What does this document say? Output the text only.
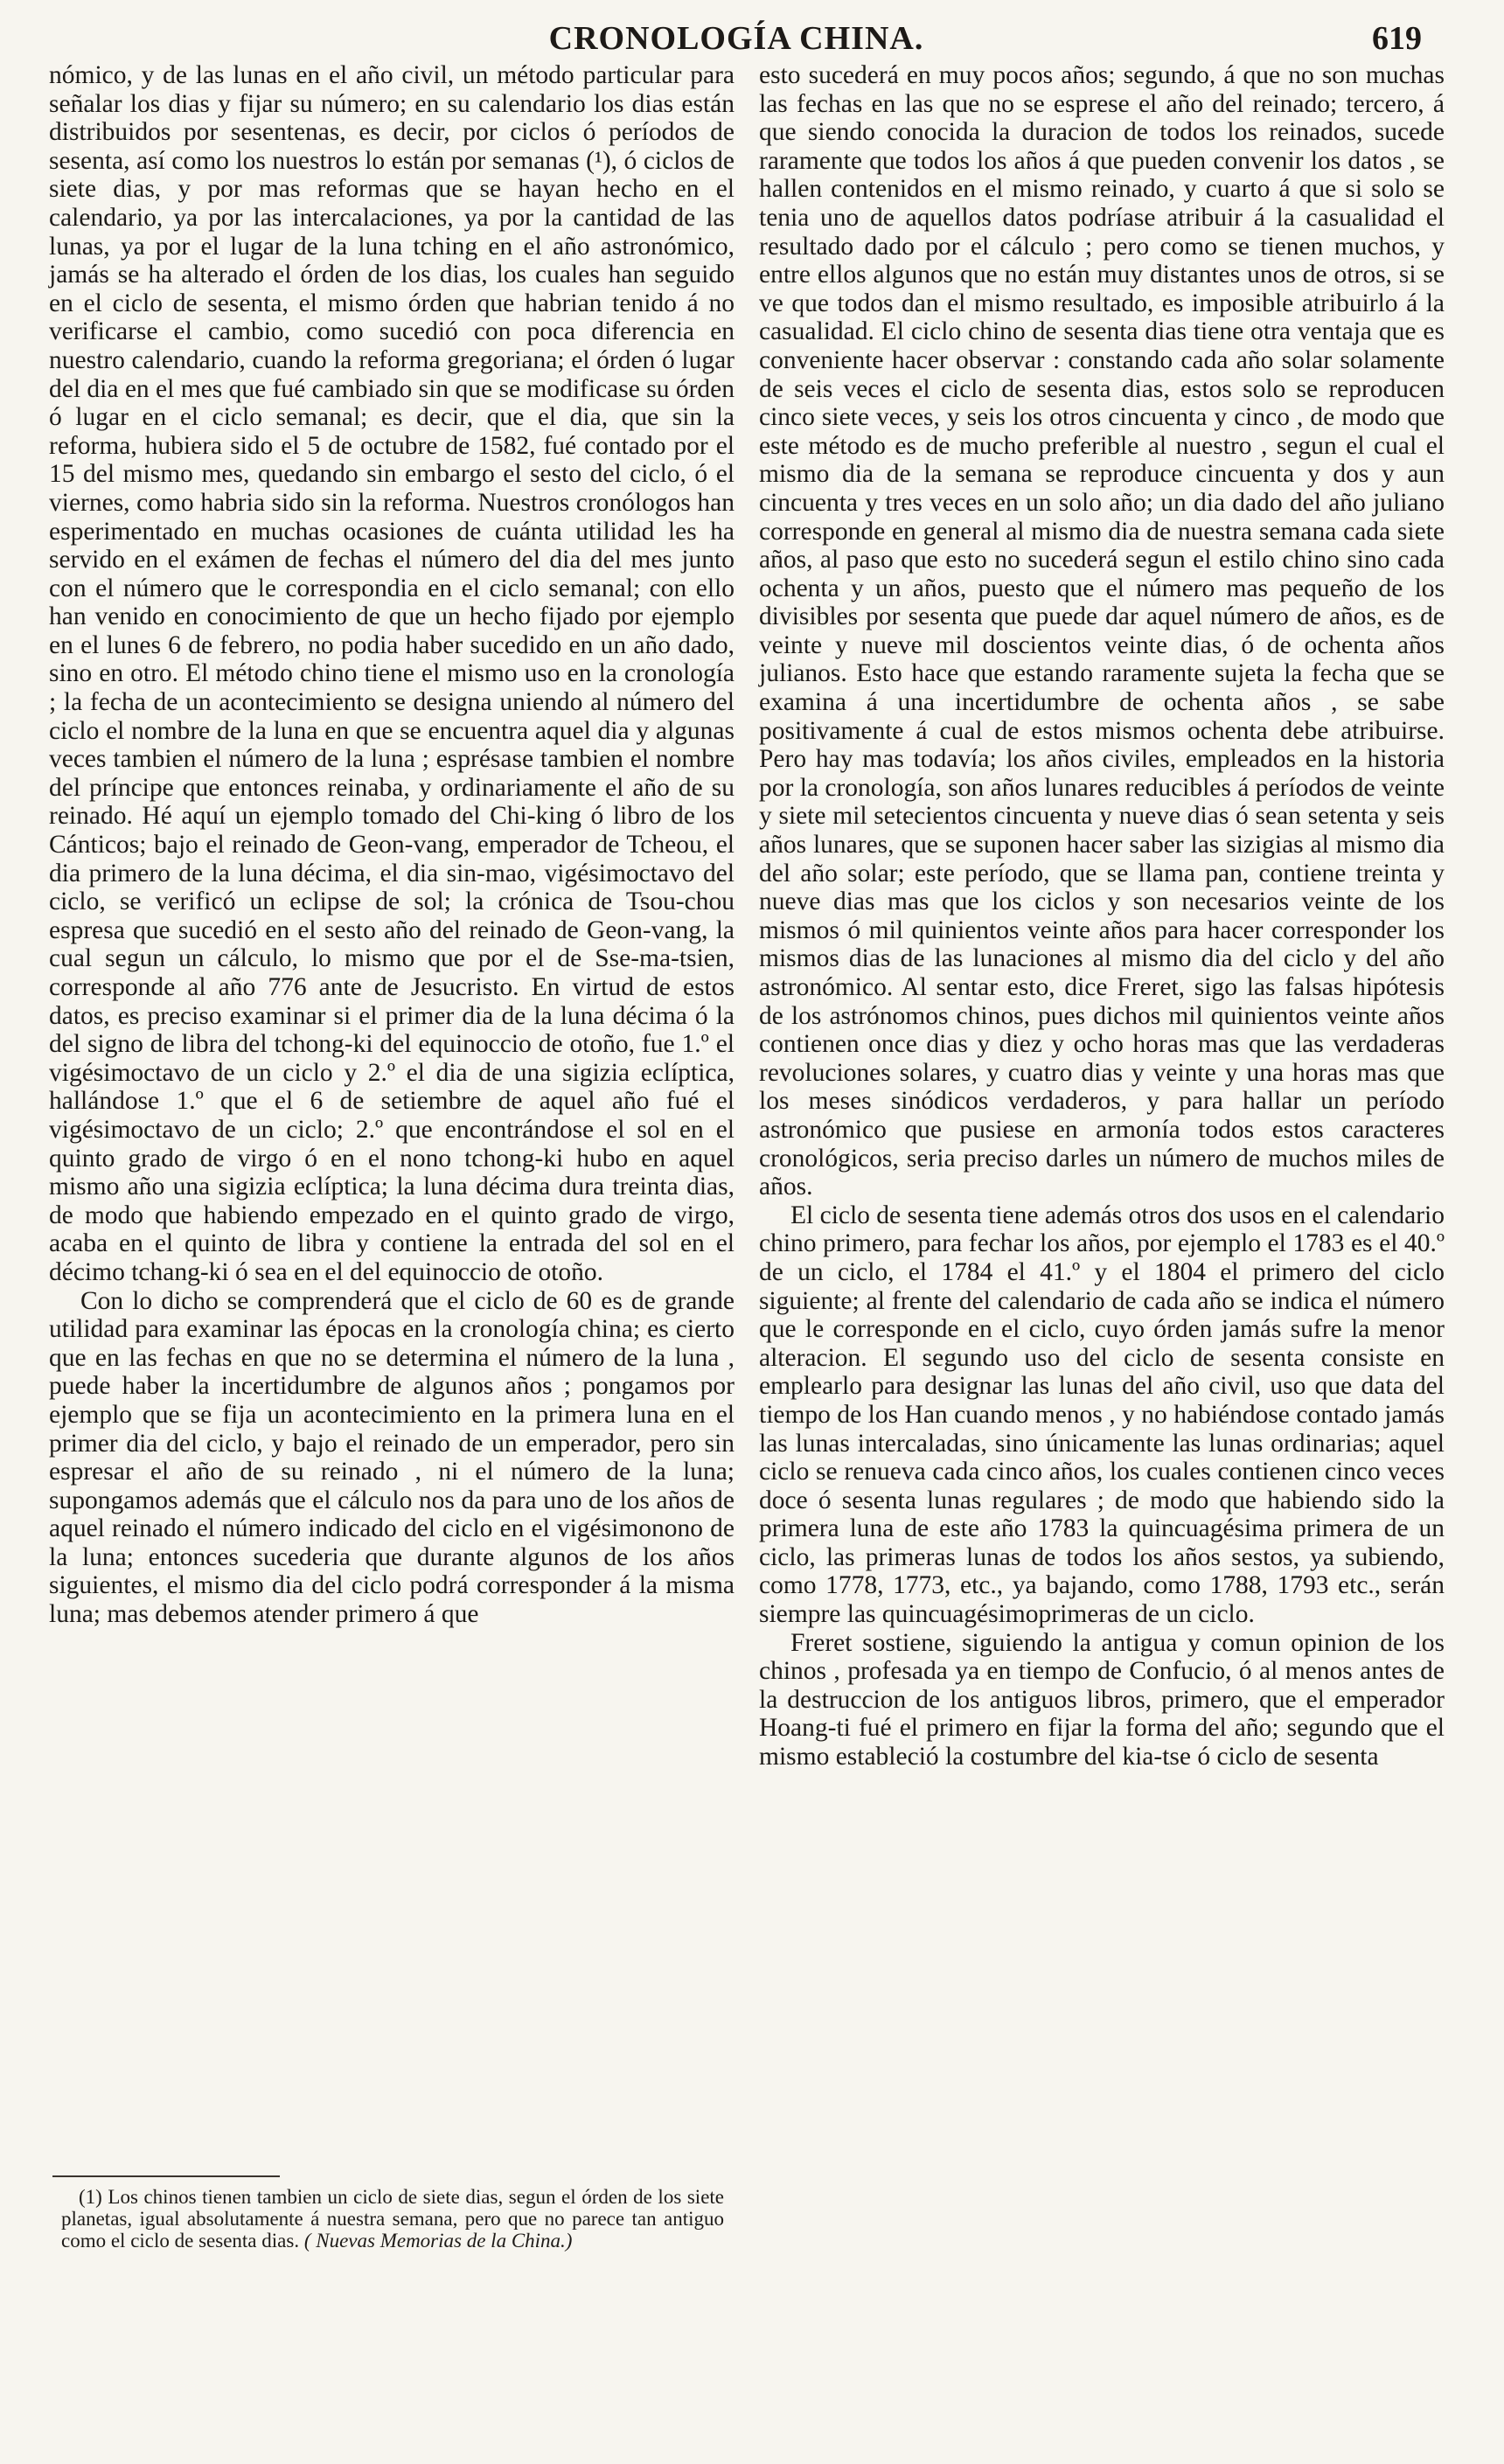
CRONOLOGÍA CHINA.	619

nómico, y de las lunas en el año civil, un método particular para señalar los dias y fijar su número; en su calendario los dias están distribuidos por sesentenas, es decir, por ciclos ó períodos de sesenta, así como los nuestros lo están por semanas (¹), ó ciclos de siete dias, y por mas reformas que se hayan hecho en el calendario, ya por las intercalaciones, ya por la cantidad de las lunas, ya por el lugar de la luna tching en el año astronómico, jamás se ha alterado el órden de los dias, los cuales han seguido en el ciclo de sesenta, el mismo órden que habrian tenido á no verificarse el cambio, como sucedió con poca diferencia en nuestro calendario, cuando la reforma gregoriana; el órden ó lugar del dia en el mes que fué cambiado sin que se modificase su órden ó lugar en el ciclo semanal; es decir, que el dia, que sin la reforma, hubiera sido el 5 de octubre de 1582, fué contado por el 15 del mismo mes, quedando sin embargo el sesto del ciclo, ó el viernes, como habria sido sin la reforma. Nuestros cronólogos han esperimentado en muchas ocasiones de cuánta utilidad les ha servido en el exámen de fechas el número del dia del mes junto con el número que le correspondia en el ciclo semanal; con ello han venido en conocimiento de que un hecho fijado por ejemplo en el lunes 6 de febrero, no podia haber sucedido en un año dado, sino en otro. El método chino tiene el mismo uso en la cronología ; la fecha de un acontecimiento se designa uniendo al número del ciclo el nombre de la luna en que se encuentra aquel dia y algunas veces tambien el número de la luna ; esprésase tambien el nombre del príncipe que entonces reinaba, y ordinariamente el año de su reinado. Hé aquí un ejemplo tomado del Chi-king ó libro de los Cánticos; bajo el reinado de Geon-vang, emperador de Tcheou, el dia primero de la luna décima, el dia sin-mao, vigésimoctavo del ciclo, se verificó un eclipse de sol; la crónica de Tsou-chou espresa que sucedió en el sesto año del reinado de Geon-vang, la cual segun un cálculo, lo mismo que por el de Sse-ma-tsien, corresponde al año 776 ante de Jesucristo. En virtud de estos datos, es preciso examinar si el primer dia de la luna décima ó la del signo de libra del tchong-ki del equinoccio de otoño, fue 1.º el vigésimoctavo de un ciclo y 2.º el dia de una sigizia eclíptica, hallándose 1.º que el 6 de setiembre de aquel año fué el vigésimoctavo de un ciclo; 2.º que encontrándose el sol en el quinto grado de virgo ó en el nono tchong-ki hubo en aquel mismo año una sigizia eclíptica; la luna décima dura treinta dias, de modo que habiendo empezado en el quinto grado de virgo, acaba en el quinto de libra y contiene la entrada del sol en el décimo tchang-ki ó sea en el del equinoccio de otoño.

Con lo dicho se comprenderá que el ciclo de 60 es de grande utilidad para examinar las épocas en la cronología china; es cierto que en las fechas en que no se determina el número de la luna , puede haber la incertidumbre de algunos años ; pongamos por ejemplo que se fija un acontecimiento en la primera luna en el primer dia del ciclo, y bajo el reinado de un emperador, pero sin espresar el año de su reinado , ni el número de la luna; supongamos además que el cálculo nos da para uno de los años de aquel reinado el número indicado del ciclo en el vigésimonono de la luna; entonces sucederia que durante algunos de los años siguientes, el mismo dia del ciclo podrá corresponder á la misma luna; mas debemos atender primero á que

esto sucederá en muy pocos años; segundo, á que no son muchas las fechas en las que no se esprese el año del reinado; tercero, á que siendo conocida la duracion de todos los reinados, sucede raramente que todos los años á que pueden convenir los datos , se hallen contenidos en el mismo reinado, y cuarto á que si solo se tenia uno de aquellos datos podríase atribuir á la casualidad el resultado dado por el cálculo ; pero como se tienen muchos, y entre ellos algunos que no están muy distantes unos de otros, si se ve que todos dan el mismo resultado, es imposible atribuirlo á la casualidad. El ciclo chino de sesenta dias tiene otra ventaja que es conveniente hacer observar : constando cada año solar solamente de seis veces el ciclo de sesenta dias, estos solo se reproducen cinco siete veces, y seis los otros cincuenta y cinco , de modo que este método es de mucho preferible al nuestro , segun el cual el mismo dia de la semana se reproduce cincuenta y dos y aun cincuenta y tres veces en un solo año; un dia dado del año juliano corresponde en general al mismo dia de nuestra semana cada siete años, al paso que esto no sucederá segun el estilo chino sino cada ochenta y un años, puesto que el número mas pequeño de los divisibles por sesenta que puede dar aquel número de años, es de veinte y nueve mil doscientos veinte dias, ó de ochenta años julianos. Esto hace que estando raramente sujeta la fecha que se examina á una incertidumbre de ochenta años , se sabe positivamente á cual de estos mismos ochenta debe atribuirse. Pero hay mas todavía; los años civiles, empleados en la historia por la cronología, son años lunares reducibles á períodos de veinte y siete mil setecientos cincuenta y nueve dias ó sean setenta y seis años lunares, que se suponen hacer saber las sizigias al mismo dia del año solar; este período, que se llama pan, contiene treinta y nueve dias mas que los ciclos y son necesarios veinte de los mismos ó mil quinientos veinte años para hacer corresponder los mismos dias de las lunaciones al mismo dia del ciclo y del año astronómico. Al sentar esto, dice Freret, sigo las falsas hipótesis de los astrónomos chinos, pues dichos mil quinientos veinte años contienen once dias y diez y ocho horas mas que las verdaderas revoluciones solares, y cuatro dias y veinte y una horas mas que los meses sinódicos verdaderos, y para hallar un período astronómico que pusiese en armonía todos estos caracteres cronológicos, seria preciso darles un número de muchos miles de años.

El ciclo de sesenta tiene además otros dos usos en el calendario chino primero, para fechar los años, por ejemplo el 1783 es el 40.º de un ciclo, el 1784 el 41.º y el 1804 el primero del ciclo siguiente; al frente del calendario de cada año se indica el número que le corresponde en el ciclo, cuyo órden jamás sufre la menor alteracion. El segundo uso del ciclo de sesenta consiste en emplearlo para designar las lunas del año civil, uso que data del tiempo de los Han cuando menos , y no habiéndose contado jamás las lunas intercaladas, sino únicamente las lunas ordinarias; aquel ciclo se renueva cada cinco años, los cuales contienen cinco veces doce ó sesenta lunas regulares ; de modo que habiendo sido la primera luna de este año 1783 la quincuagésima primera de un ciclo, las primeras lunas de todos los años sestos, ya subiendo, como 1778, 1773, etc., ya bajando, como 1788, 1793 etc., serán siempre las quincuagésimoprimeras de un ciclo.

Freret sostiene, siguiendo la antigua y comun opinion de los chinos , profesada ya en tiempo de Confucio, ó al menos antes de la destruccion de los antiguos libros, primero, que el emperador Hoang-ti fué el primero en fijar la forma del año; segundo que el mismo estableció la costumbre del kia-tse ó ciclo de sesenta

(1) Los chinos tienen tambien un ciclo de siete dias, segun el órden de los siete planetas, igual absolutamente á nuestra semana, pero que no parece tan antiguo como el ciclo de sesenta dias. ( Nuevas Memorias de la China.)
